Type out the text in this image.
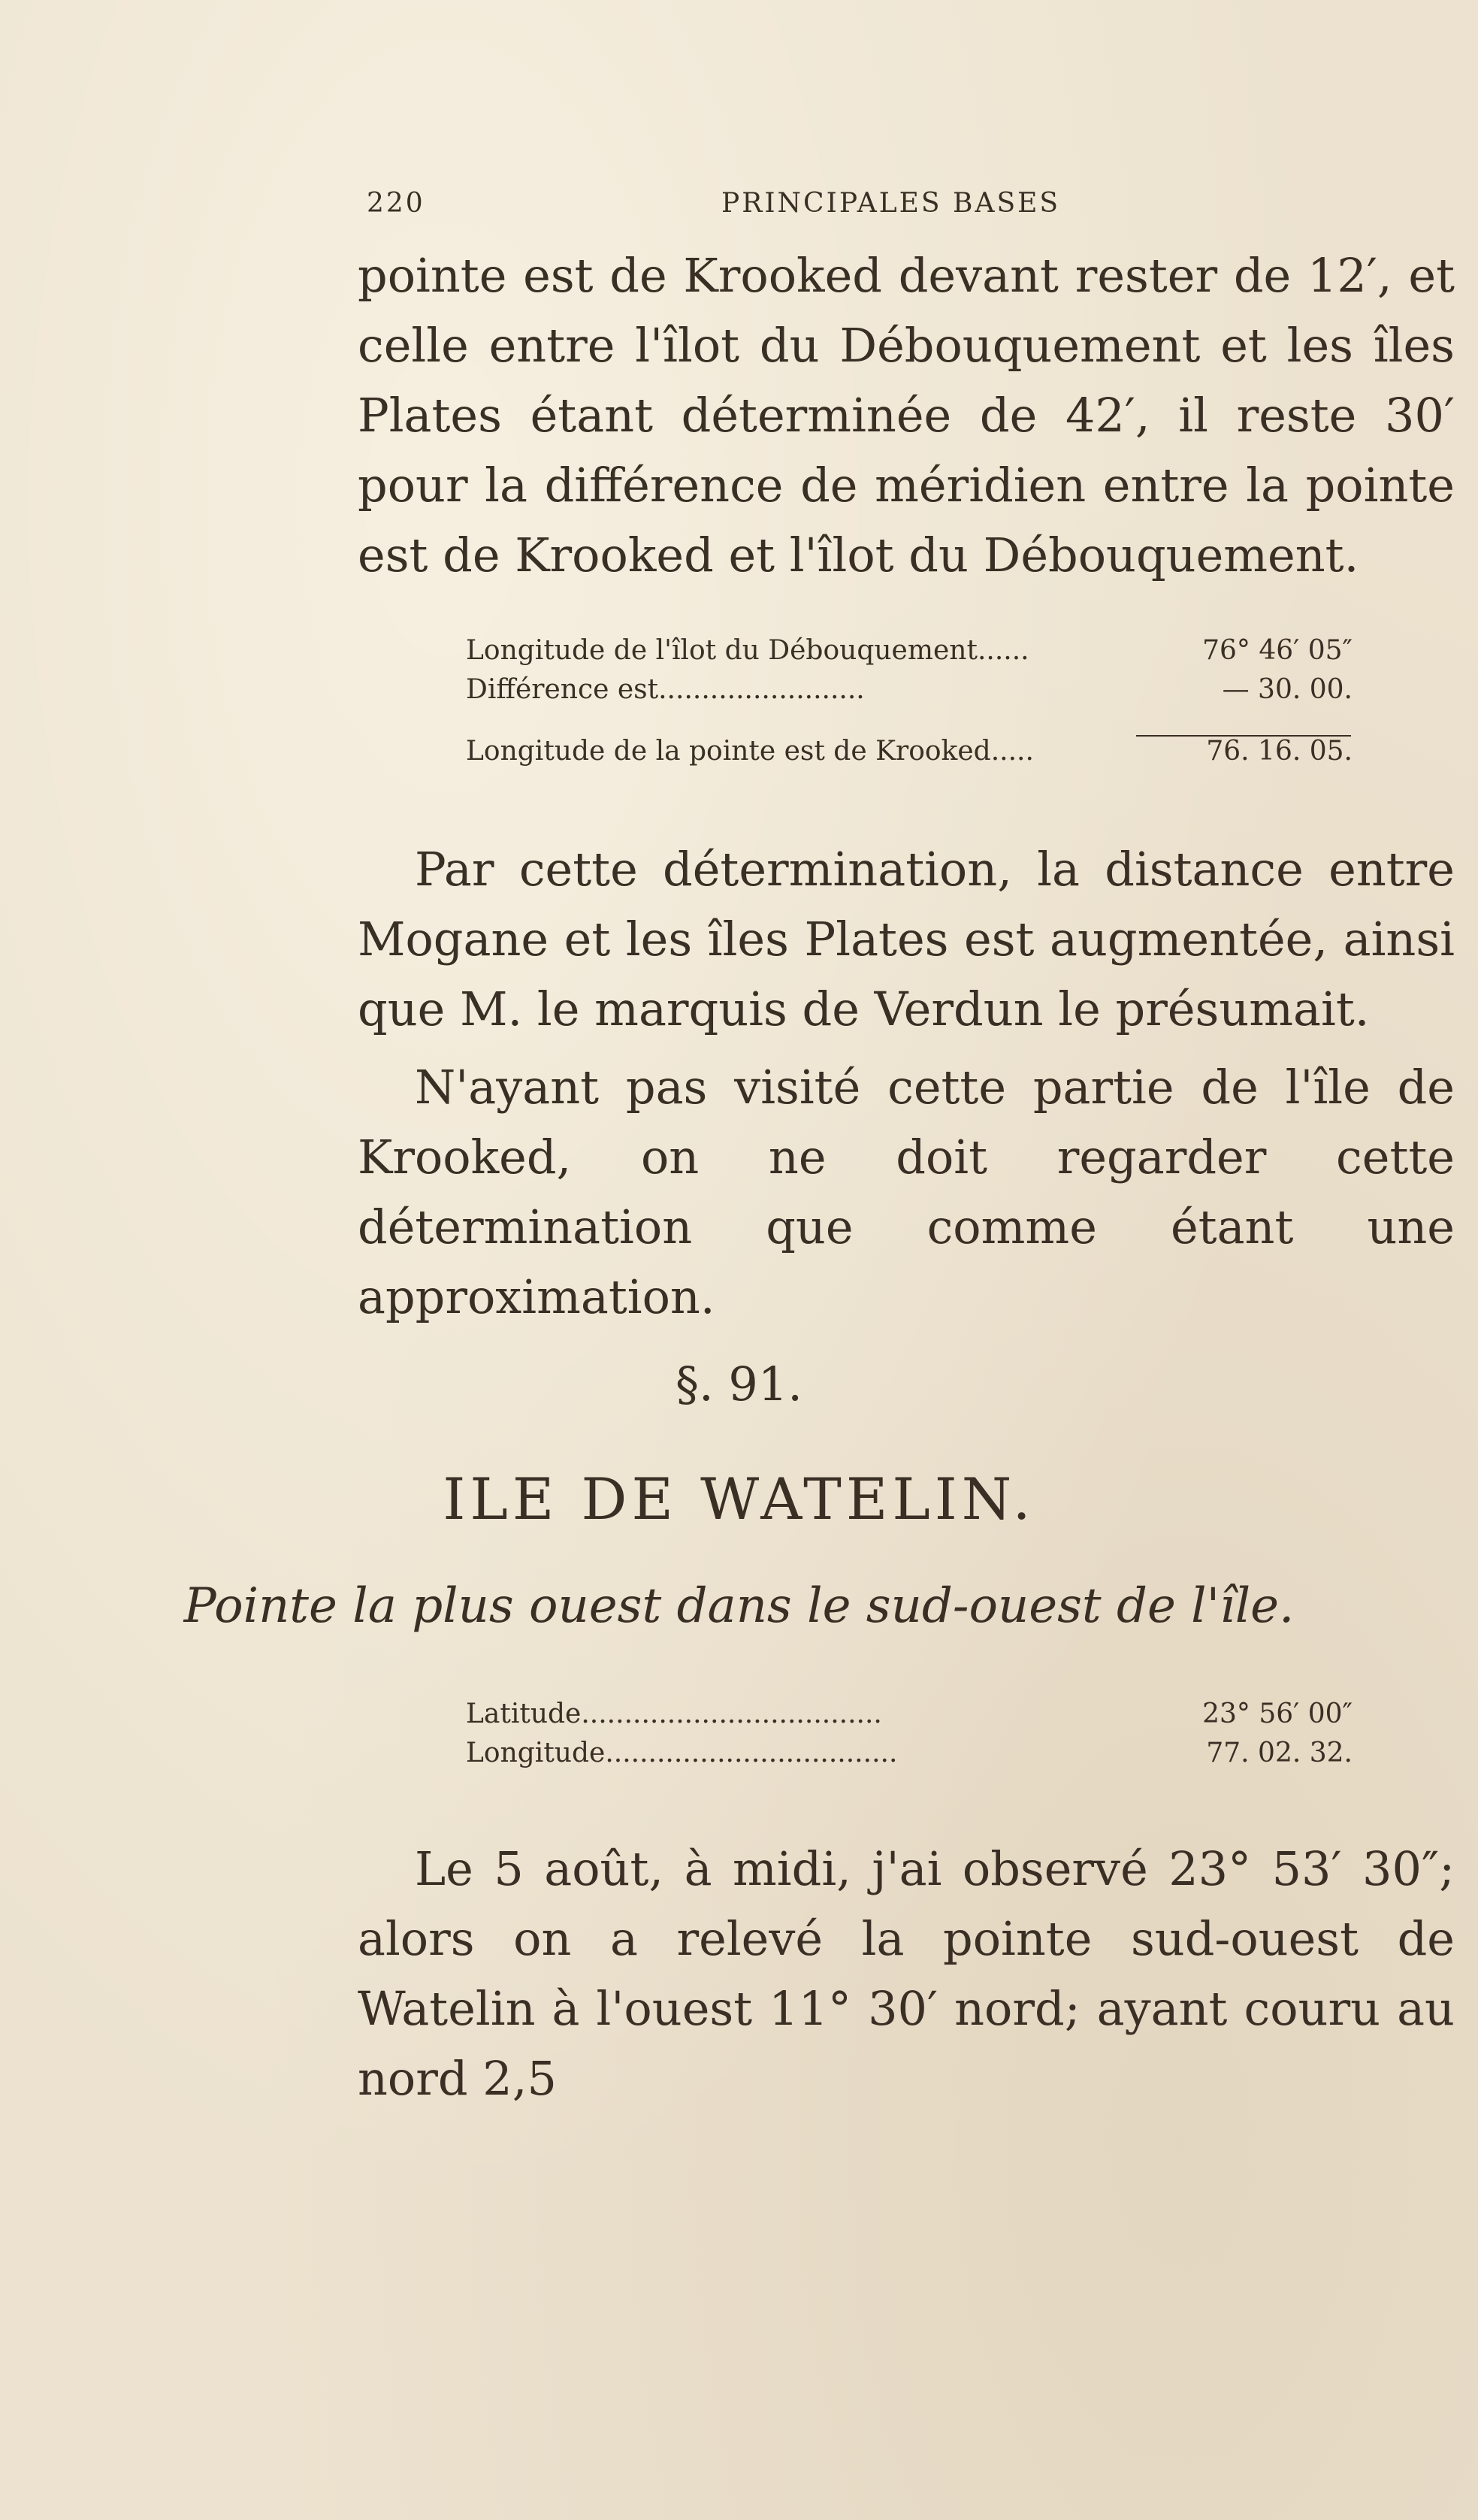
220	PRINCIPALES BASES
pointe est de Krooked devant rester de 12′, et celle entre l'îlot du Débouquement et les îles Plates étant déterminée de 42′, il reste 30′ pour la différence de méridien entre la pointe est de Krooked et l'îlot du Débouquement.
Longitude de l'îlot du Débouquement......	76° 46′ 05″
Différence est........................	— 30. 00.
Longitude de la pointe est de Krooked.....	76. 16. 05.
Par cette détermination, la distance entre Mogane et les îles Plates est augmentée, ainsi que M. le marquis de Verdun le présumait.
N'ayant pas visité cette partie de l'île de Krooked, on ne doit regarder cette détermination que comme étant une approximation.
§. 91.
ILE DE WATELIN.
Pointe la plus ouest dans le sud-ouest de l'île.
Latitude...................................	23° 56′ 00″
Longitude..................................	77. 02. 32.
Le 5 août, à midi, j'ai observé 23° 53′ 30″; alors on a relevé la pointe sud-ouest de Watelin à l'ouest 11° 30′ nord; ayant couru au nord 2,5
